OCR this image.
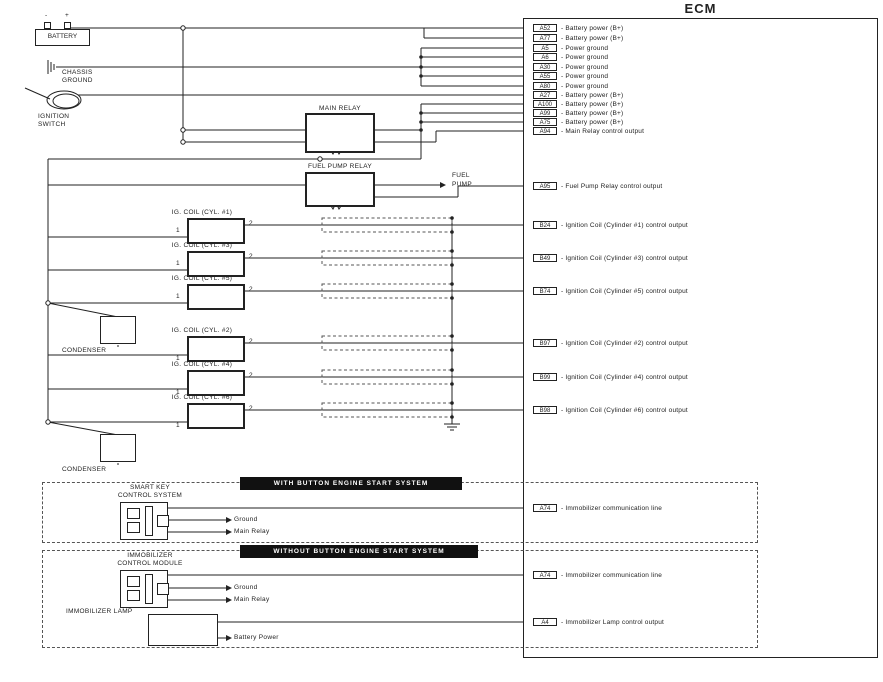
ECM
A52	- Battery power (B+)
A77	- Battery power (B+)
A5	- Power ground
A6	- Power ground
A30	- Power ground
A55	- Power ground
A80	- Power ground
A27	- Battery power (B+)
A100	- Battery power (B+)
A99	- Battery power (B+)
A75	- Battery power (B+)
A94	- Main Relay control output
A95	- Fuel Pump Relay control output
B24	- Ignition Coil (Cylinder #1) control output
B49	- Ignition Coil (Cylinder #3) control output
B74	- Ignition Coil (Cylinder #5) control output
B97	- Ignition Coil (Cylinder #2) control output
B99	- Ignition Coil (Cylinder #4) control output
B98	- Ignition Coil (Cylinder #6) control output
A74	- Immobilizer communication line
A74	- Immobilizer communication line
A4	- Immobilizer Lamp control output
-	+
BATTERY
CHASSIS
GROUND
IGNITION
SWITCH
MAIN RELAY
FUEL PUMP RELAY
FUEL
PUMP
IG. COIL (CYL. #1)
1
2
IG. COIL (CYL. #3)
1
2
IG. COIL (CYL. #5)
1
2
IG. COIL (CYL. #2)
1
2
IG. COIL (CYL. #4)
1
2
IG. COIL (CYL. #6)
1
2
CONDENSER
CONDENSER
WITH BUTTON ENGINE START SYSTEM
SMART KEY
CONTROL SYSTEM
Ground
Main Relay
WITHOUT BUTTON ENGINE START SYSTEM
IMMOBILIZER
CONTROL MODULE
Ground
Main Relay
IMMOBILIZER LAMP
Battery Power
